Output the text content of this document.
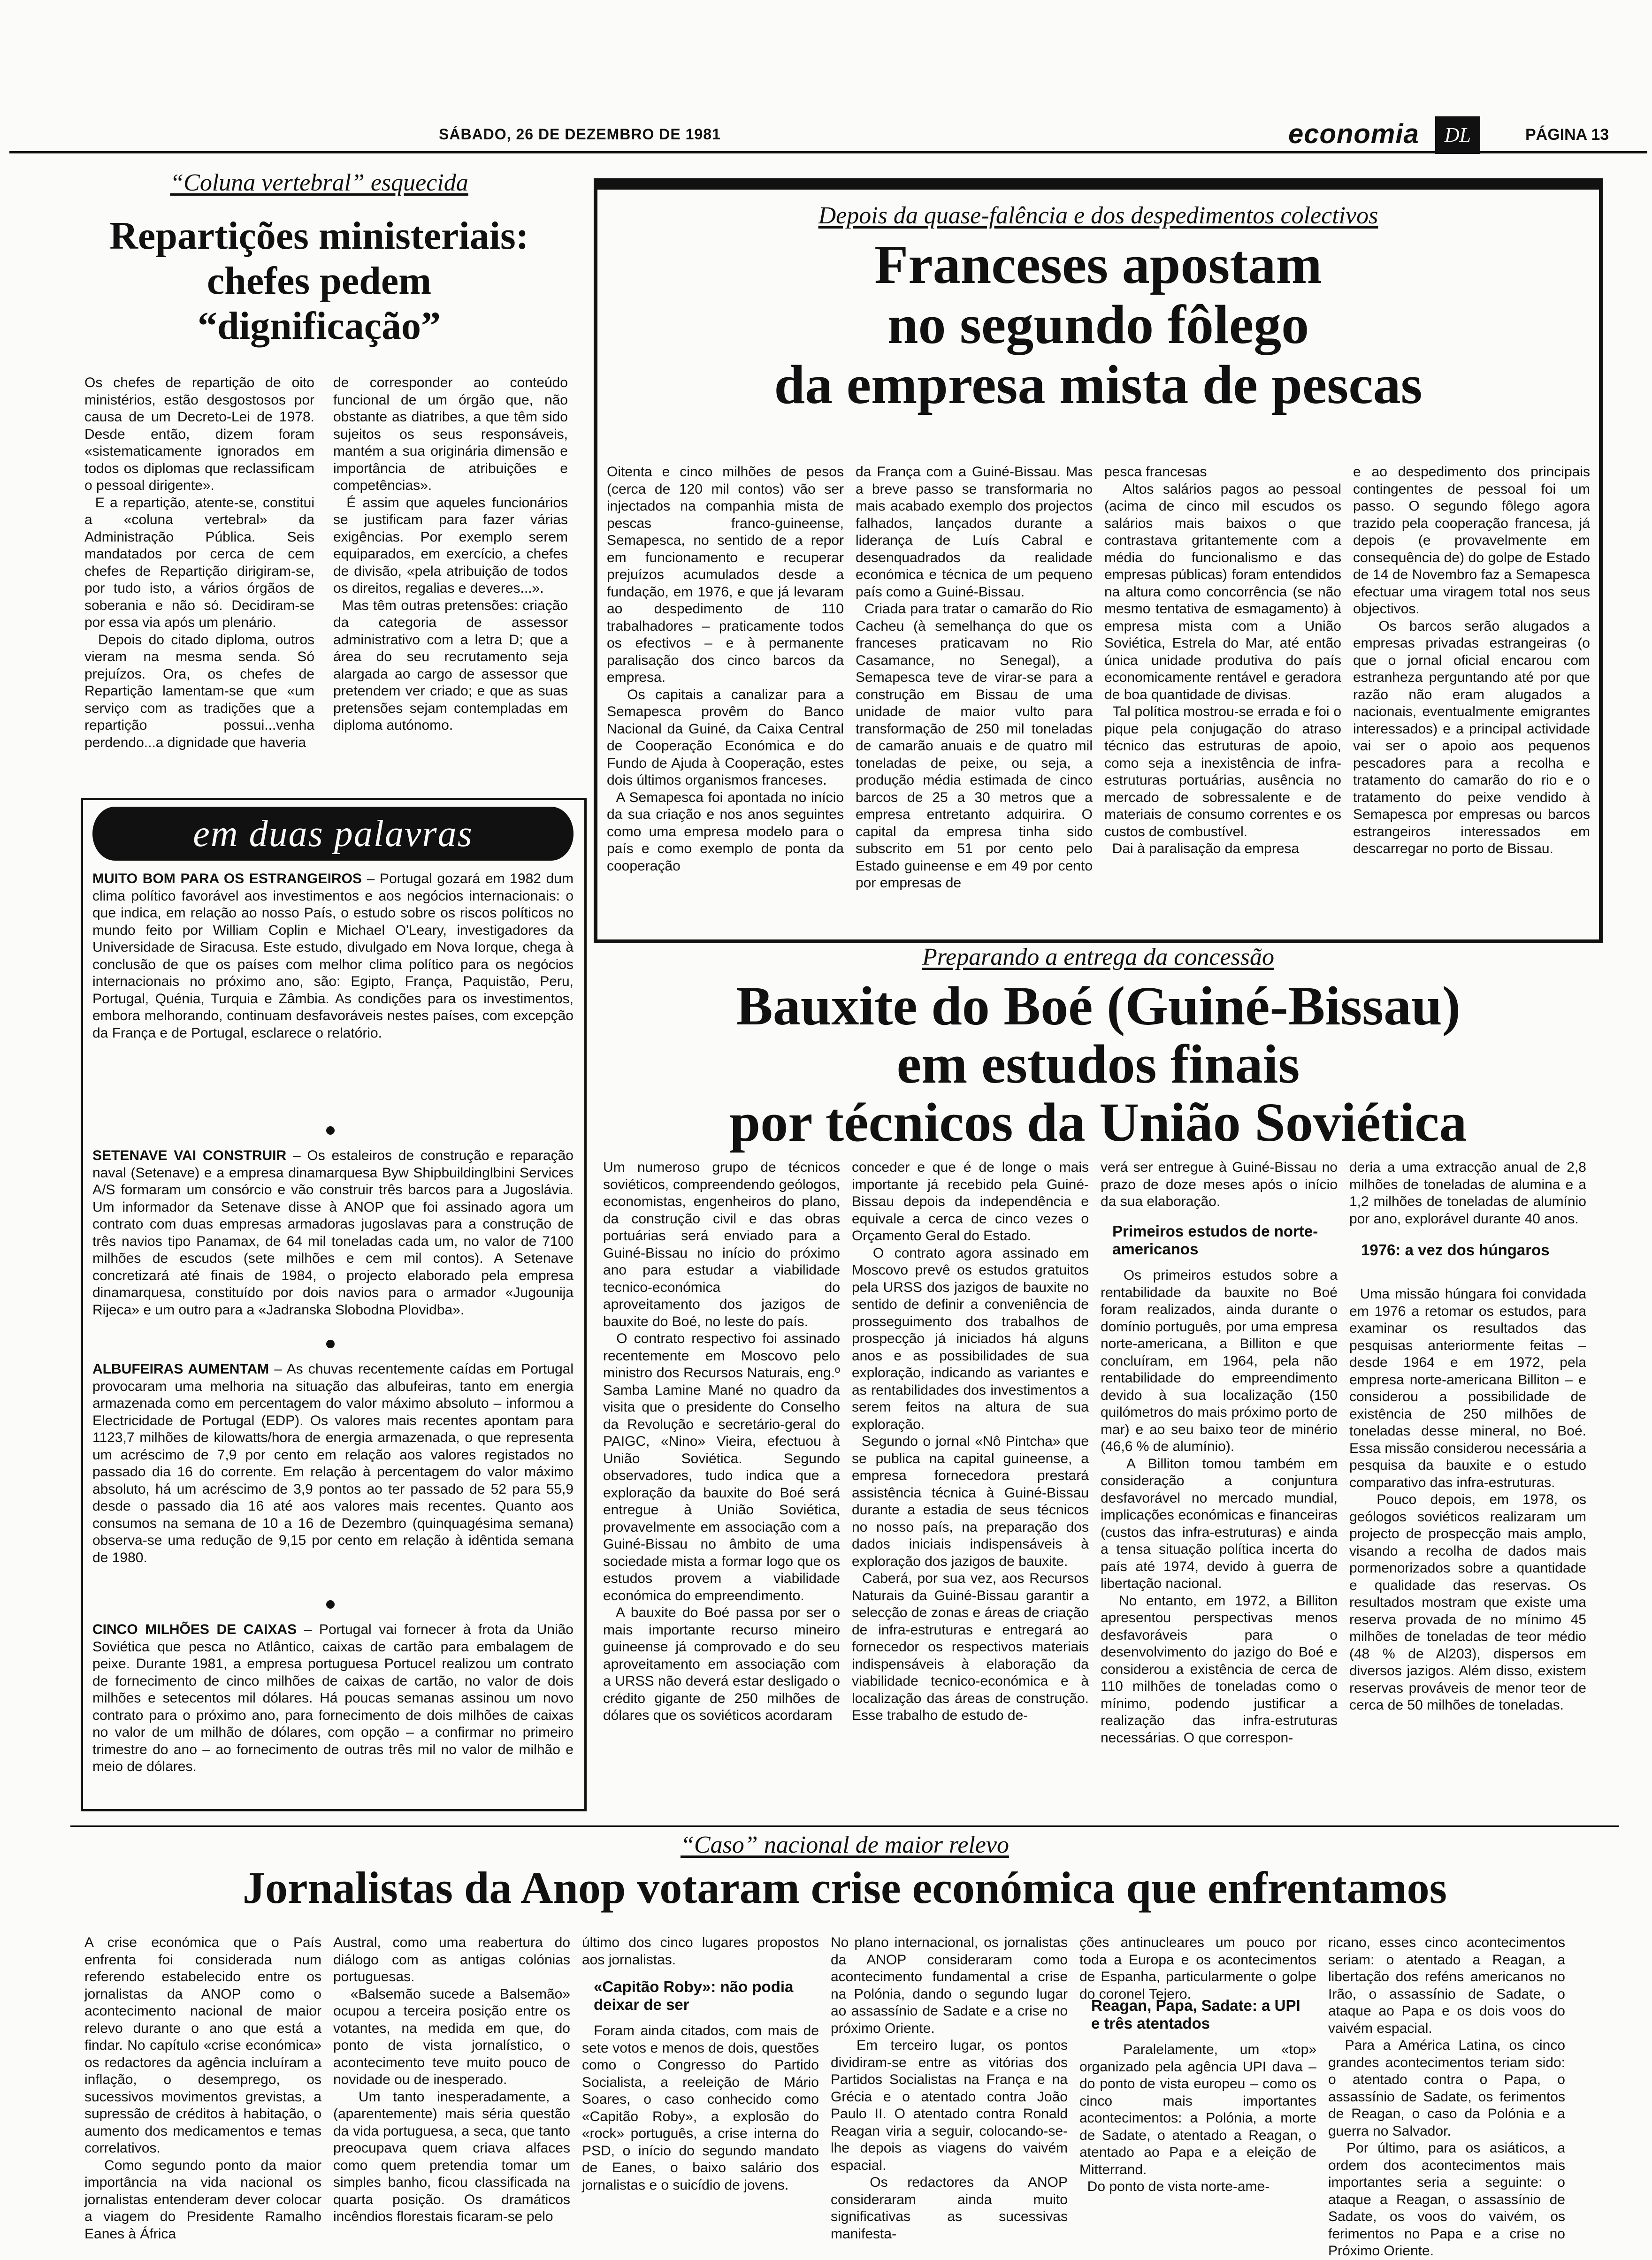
SÁBADO, 26 DE DEZEMBRO DE 1981	economia	DL	PÁGINA 13
“Coluna vertebral” esquecida
Repartições ministeriais:
chefes pedem
“dignificação”
Os chefes de repartição de oito ministérios, estão desgostosos por causa de um Decreto-Lei de 1978. Desde então, dizem foram «sistematicamente ignorados em todos os diplomas que reclassificam o pessoal dirigente».
E a repartição, atente-se, constitui a «coluna vertebral» da Administração Pública. Seis mandatados por cerca de cem chefes de Repartição dirigiram-se, por tudo isto, a vários órgãos de soberania e não só. Decidiram-se por essa via após um plenário.
Depois do citado diploma, outros vieram na mesma senda. Só prejuízos. Ora, os chefes de Repartição lamentam-se que «um serviço com as tradições que a repartição possui...venha perdendo...a dignidade que haveria
de corresponder ao conteúdo funcional de um órgão que, não obstante as diatribes, a que têm sido sujeitos os seus responsáveis, mantém a sua originária dimensão e importância de atribuições e competências».
É assim que aqueles funcionários se justificam para fazer várias exigências. Por exemplo serem equiparados, em exercício, a chefes de divisão, «pela atribuição de todos os direitos, regalias e deveres...».
Mas têm outras pretensões: criação da categoria de assessor administrativo com a letra D; que a área do seu recrutamento seja alargada ao cargo de assessor que pretendem ver criado; e que as suas pretensões sejam contempladas em diploma autónomo.
em duas palavras
MUITO BOM PARA OS ESTRANGEIROS – Portugal gozará em 1982 dum clima político favorável aos investimentos e aos negócios internacionais: o que indica, em relação ao nosso País, o estudo sobre os riscos políticos no mundo feito por William Coplin e Michael O'Leary, investigadores da Universidade de Siracusa. Este estudo, divulgado em Nova Iorque, chega à conclusão de que os países com melhor clima político para os negócios internacionais no próximo ano, são: Egipto, França, Paquistão, Peru, Portugal, Quénia, Turquia e Zâmbia. As condições para os investimentos, embora melhorando, continuam desfavoráveis nestes países, com excepção da França e de Portugal, esclarece o relatório.
SETENAVE VAI CONSTRUIR – Os estaleiros de construção e reparação naval (Setenave) e a empresa dinamarquesa Byw Shipbuildinglbini Services A/S formaram um consórcio e vão construir três barcos para a Jugoslávia. Um informador da Setenave disse à ANOP que foi assinado agora um contrato com duas empresas armadoras jugoslavas para a construção de três navios tipo Panamax, de 64 mil toneladas cada um, no valor de 7100 milhões de escudos (sete milhões e cem mil contos). A Setenave concretizará até finais de 1984, o projecto elaborado pela empresa dinamarquesa, constituído por dois navios para o armador «Jugounija Rijeca» e um outro para a «Jadranska Slobodna Plovidba».
ALBUFEIRAS AUMENTAM – As chuvas recentemente caídas em Portugal provocaram uma melhoria na situação das albufeiras, tanto em energia armazenada como em percentagem do valor máximo absoluto – informou a Electricidade de Portugal (EDP). Os valores mais recentes apontam para 1123,7 milhões de kilowatts/hora de energia armazenada, o que representa um acréscimo de 7,9 por cento em relação aos valores registados no passado dia 16 do corrente. Em relação à percentagem do valor máximo absoluto, há um acréscimo de 3,9 pontos ao ter passado de 52 para 55,9 desde o passado dia 16 até aos valores mais recentes. Quanto aos consumos na semana de 10 a 16 de Dezembro (quinquagésima semana) observa-se uma redução de 9,15 por cento em relação à idêntida semana de 1980.
CINCO MILHÕES DE CAIXAS – Portugal vai fornecer à frota da União Soviética que pesca no Atlântico, caixas de cartão para embalagem de peixe. Durante 1981, a empresa portuguesa Portucel realizou um contrato de fornecimento de cinco milhões de caixas de cartão, no valor de dois milhões e setecentos mil dólares. Há poucas semanas assinou um novo contrato para o próximo ano, para fornecimento de dois milhões de caixas no valor de um milhão de dólares, com opção – a confirmar no primeiro trimestre do ano – ao fornecimento de outras três mil no valor de milhão e meio de dólares.
Depois da quase-falência e dos despedimentos colectivos
Franceses apostam
no segundo fôlego
da empresa mista de pescas
Oitenta e cinco milhões de pesos (cerca de 120 mil contos) vão ser injectados na companhia mista de pescas franco-guineense, Semapesca, no sentido de a repor em funcionamento e recuperar prejuízos acumulados desde a fundação, em 1976, e que já levaram ao despedimento de 110 trabalhadores – praticamente todos os efectivos – e à permanente paralisação dos cinco barcos da empresa.
Os capitais a canalizar para a Semapesca provêm do Banco Nacional da Guiné, da Caixa Central de Cooperação Económica e do Fundo de Ajuda à Cooperação, estes dois últimos organismos franceses.
A Semapesca foi apontada no início da sua criação e nos anos seguintes como uma empresa modelo para o país e como exemplo de ponta da cooperação
da França com a Guiné-Bissau. Mas a breve passo se transformaria no mais acabado exemplo dos projectos falhados, lançados durante a liderança de Luís Cabral e desenquadrados da realidade económica e técnica de um pequeno país como a Guiné-Bissau.
Criada para tratar o camarão do Rio Cacheu (à semelhança do que os franceses praticavam no Rio Casamance, no Senegal), a Semapesca teve de virar-se para a construção em Bissau de uma unidade de maior vulto para transformação de 250 mil toneladas de camarão anuais e de quatro mil toneladas de peixe, ou seja, a produção média estimada de cinco barcos de 25 a 30 metros que a empresa entretanto adquirira. O capital da empresa tinha sido subscrito em 51 por cento pelo Estado guineense e em 49 por cento por empresas de
pesca francesas
Altos salários pagos ao pessoal (acima de cinco mil escudos os salários mais baixos o que contrastava gritantemente com a média do funcionalismo e das empresas públicas) foram entendidos na altura como concorrência (se não mesmo tentativa de esmagamento) à empresa mista com a União Soviética, Estrela do Mar, até então única unidade produtiva do país economicamente rentável e geradora de boa quantidade de divisas.
Tal política mostrou-se errada e foi o pique pela conjugação do atraso técnico das estruturas de apoio, como seja a inexistência de infra-estruturas portuárias, ausência no mercado de sobressalente e de materiais de consumo correntes e os custos de combustível.
Dai à paralisação da empresa
e ao despedimento dos principais contingentes de pessoal foi um passo. O segundo fôlego agora trazido pela cooperação francesa, já depois (e provavelmente em consequência de) do golpe de Estado de 14 de Novembro faz a Semapesca efectuar uma viragem total nos seus objectivos.
Os barcos serão alugados a empresas privadas estrangeiras (o que o jornal oficial encarou com estranheza perguntando até por que razão não eram alugados a nacionais, eventualmente emigrantes interessados) e a principal actividade vai ser o apoio aos pequenos pescadores para a recolha e tratamento do camarão do rio e o tratamento do peixe vendido à Semapesca por empresas ou barcos estrangeiros interessados em descarregar no porto de Bissau.
Preparando a entrega da concessão
Bauxite do Boé (Guiné-Bissau)
em estudos finais
por técnicos da União Soviética
Um numeroso grupo de técnicos soviéticos, compreendendo geólogos, economistas, engenheiros do plano, da construção civil e das obras portuárias será enviado para a Guiné-Bissau no início do próximo ano para estudar a viabilidade tecnico-económica do aproveitamento dos jazigos de bauxite do Boé, no leste do país.
O contrato respectivo foi assinado recentemente em Moscovo pelo ministro dos Recursos Naturais, eng.º Samba Lamine Mané no quadro da visita que o presidente do Conselho da Revolução e secretário-geral do PAIGC, «Nino» Vieira, efectuou à União Soviética. Segundo observadores, tudo indica que a exploração da bauxite do Boé será entregue à União Soviética, provavelmente em associação com a Guiné-Bissau no âmbito de uma sociedade mista a formar logo que os estudos provem a viabilidade económica do empreendimento.
A bauxite do Boé passa por ser o mais importante recurso mineiro guineense já comprovado e do seu aproveitamento em associação com a URSS não deverá estar desligado o crédito gigante de 250 milhões de dólares que os soviéticos acordaram
conceder e que é de longe o mais importante já recebido pela Guiné-Bissau depois da independência e equivale a cerca de cinco vezes o Orçamento Geral do Estado.
O contrato agora assinado em Moscovo prevê os estudos gratuitos pela URSS dos jazigos de bauxite no sentido de definir a conveniência de prosseguimento dos trabalhos de prospecção já iniciados há alguns anos e as possibilidades de sua exploração, indicando as variantes e as rentabilidades dos investimentos a serem feitos na altura de sua exploração.
Segundo o jornal «Nô Pintcha» que se publica na capital guineense, a empresa fornecedora prestará assistência técnica à Guiné-Bissau durante a estadia de seus técnicos no nosso país, na preparação dos dados iniciais indispensáveis à exploração dos jazigos de bauxite.
Caberá, por sua vez, aos Recursos Naturais da Guiné-Bissau garantir a selecção de zonas e áreas de criação de infra-estruturas e entregará ao fornecedor os respectivos materiais indispensáveis à elaboração da viabilidade tecnico-económica e à localização das áreas de construção. Esse trabalho de estudo de-
verá ser entregue à Guiné-Bissau no prazo de doze meses após o início da sua elaboração.
Primeiros estudos de norte-americanos
Os primeiros estudos sobre a rentabilidade da bauxite no Boé foram realizados, ainda durante o domínio português, por uma empresa norte-americana, a Billiton e que concluíram, em 1964, pela não rentabilidade do empreendimento devido à sua localização (150 quilómetros do mais próximo porto de mar) e ao seu baixo teor de minério (46,6 % de alumínio).
A Billiton tomou também em consideração a conjuntura desfavorável no mercado mundial, implicações económicas e financeiras (custos das infra-estruturas) e ainda a tensa situação política incerta do país até 1974, devido à guerra de libertação nacional.
No entanto, em 1972, a Billiton apresentou perspectivas menos desfavoráveis para o desenvolvimento do jazigo do Boé e considerou a existência de cerca de 110 milhões de toneladas como o mínimo, podendo justificar a realização das infra-estruturas necessárias. O que correspon-
deria a uma extracção anual de 2,8 milhões de toneladas de alumina e a 1,2 milhões de toneladas de alumínio por ano, explorável durante 40 anos.
1976: a vez dos húngaros
Uma missão húngara foi convidada em 1976 a retomar os estudos, para examinar os resultados das pesquisas anteriormente feitas – desde 1964 e em 1972, pela empresa norte-americana Billiton – e considerou a possibilidade de existência de 250 milhões de toneladas desse mineral, no Boé. Essa missão considerou necessária a pesquisa da bauxite e o estudo comparativo das infra-estruturas.
Pouco depois, em 1978, os geólogos soviéticos realizaram um projecto de prospecção mais amplo, visando a recolha de dados mais pormenorizados sobre a quantidade e qualidade das reservas. Os resultados mostram que existe uma reserva provada de no mínimo 45 milhões de toneladas de teor médio (48 % de Al203), dispersos em diversos jazigos. Além disso, existem reservas prováveis de menor teor de cerca de 50 milhões de toneladas.
“Caso” nacional de maior relevo
Jornalistas da Anop votaram crise económica que enfrentamos
A crise económica que o País enfrenta foi considerada num referendo estabelecido entre os jornalistas da ANOP como o acontecimento nacional de maior relevo durante o ano que está a findar. No capítulo «crise económica» os redactores da agência incluíram a inflação, o desemprego, os sucessivos movimentos grevistas, a supressão de créditos à habitação, o aumento dos medicamentos e temas correlativos.
Como segundo ponto da maior importância na vida nacional os jornalistas entenderam dever colocar a viagem do Presidente Ramalho Eanes à África
Austral, como uma reabertura do diálogo com as antigas colónias portuguesas.
«Balsemão sucede a Balsemão» ocupou a terceira posição entre os votantes, na medida em que, do ponto de vista jornalístico, o acontecimento teve muito pouco de novidade ou de inesperado.
Um tanto inesperadamente, a (aparentemente) mais séria questão da vida portuguesa, a seca, que tanto preocupava quem criava alfaces como quem pretendia tomar um simples banho, ficou classificada na quarta posição. Os dramáticos incêndios florestais ficaram-se pelo
último dos cinco lugares propostos aos jornalistas.
«Capitão Roby»: não podia deixar de ser
Foram ainda citados, com mais de sete votos e menos de dois, questões como o Congresso do Partido Socialista, a reeleição de Mário Soares, o caso conhecido como «Capitão Roby», a explosão do «rock» português, a crise interna do PSD, o início do segundo mandato de Eanes, o baixo salário dos jornalistas e o suicídio de jovens.
No plano internacional, os jornalistas da ANOP consideraram como acontecimento fundamental a crise na Polónia, dando o segundo lugar ao assassínio de Sadate e a crise no próximo Oriente.
Em terceiro lugar, os pontos dividiram-se entre as vitórias dos Partidos Socialistas na França e na Grécia e o atentado contra João Paulo II. O atentado contra Ronald Reagan viria a seguir, colocando-se-lhe depois as viagens do vaivém espacial.
Os redactores da ANOP consideraram ainda muito significativas as sucessivas manifesta-
ções antinucleares um pouco por toda a Europa e os acontecimentos de Espanha, particularmente o golpe do coronel Tejero.
Reagan, Papa, Sadate: a UPI e três atentados
Paralelamente, um «top» organizado pela agência UPI dava – do ponto de vista europeu – como os cinco mais importantes acontecimentos: a Polónia, a morte de Sadate, o atentado a Reagan, o atentado ao Papa e a eleição de Mitterrand.
Do ponto de vista norte-ame-
ricano, esses cinco acontecimentos seriam: o atentado a Reagan, a libertação dos reféns americanos no Irão, o assassínio de Sadate, o ataque ao Papa e os dois voos do vaivém espacial.
Para a América Latina, os cinco grandes acontecimentos teriam sido: o atentado contra o Papa, o assassínio de Sadate, os ferimentos de Reagan, o caso da Polónia e a guerra no Salvador.
Por último, para os asiáticos, a ordem dos acontecimentos mais importantes seria a seguinte: o ataque a Reagan, o assassínio de Sadate, os voos do vaivém, os ferimentos no Papa e a crise no Próximo Oriente.
